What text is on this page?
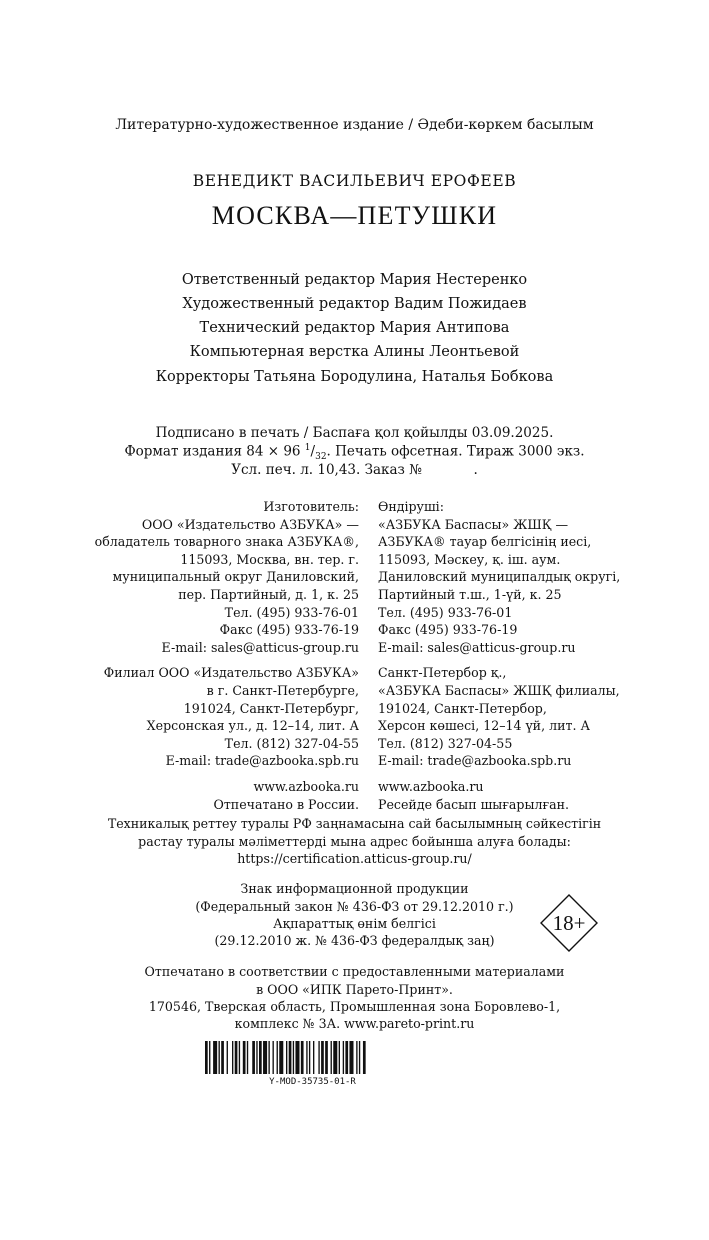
Литературно-художественное издание / Әдеби-көркем басылым
ВЕНЕДИКТ ВАСИЛЬЕВИЧ ЕРОФЕЕВ
МОСКВА—ПЕТУШКИ
Ответственный редактор Мария Нестеренко
Художественный редактор Вадим Пожидаев
Технический редактор Мария Антипова
Компьютерная верстка Алины Леонтьевой
Корректоры Татьяна Бородулина, Наталья Бобкова
Подписано в печать / Баспаға қол қойылды 03.09.2025.
Формат издания 84 × 96 $^1/_{32}$. Печать офсетная. Тираж 3000 экз.
Усл. печ. л. 10,43. Заказ №            .
Изготовитель:
ООО «Издательство АЗБУКА» —
обладатель товарного знака АЗБУКА®,
115093, Москва, вн. тер. г.
муниципальный округ Даниловский,
пер. Партийный, д. 1, к. 25
Тел. (495) 933-76-01
Факс (495) 933-76-19
E-mail: sales@atticus-group.ru
Филиал ООО «Издательство АЗБУКА»
в г. Санкт-Петербурге,
191024, Санкт-Петербург,
Херсонская ул., д. 12–14, лит. А
Тел. (812) 327-04-55
E-mail: trade@azbooka.spb.ru
www.azbooka.ru
Отпечатано в России.
Өндіруші:
«АЗБУКА Баспасы» ЖШҚ —
АЗБУКА® тауар белгісінің иесі,
115093, Мәскеу, қ. іш. аум.
Даниловский муниципалдық округі,
Партийный т.ш., 1-үй, к. 25
Тел. (495) 933-76-01
Факс (495) 933-76-19
E-mail: sales@atticus-group.ru
Санкт-Петербор қ.,
«АЗБУКА Баспасы» ЖШҚ филиалы,
191024, Санкт-Петербор,
Херсон көшесі, 12–14 үй, лит. А
Тел. (812) 327-04-55
E-mail: trade@azbooka.spb.ru
www.azbooka.ru
Ресейде басып шығарылған.
Техникалық реттеу туралы РФ заңнамасына сай басылымның сәйкестігін
растау туралы мәліметтерді мына адрес бойынша алуға болады:
https://certification.atticus-group.ru/
Знак информационной продукции
(Федеральный закон № 436-ФЗ от 29.12.2010 г.)
Ақпараттық өнім белгісі
(29.12.2010 ж. № 436-ФЗ федералдық заң)
18+
Отпечатано в соответствии с предоставленными материалами
в ООО «ИПК Парето-Принт».
170546, Тверская область, Промышленная зона Боровлево-1,
комплекс № 3А. www.pareto-print.ru
Y-MOD-35735-01-R
